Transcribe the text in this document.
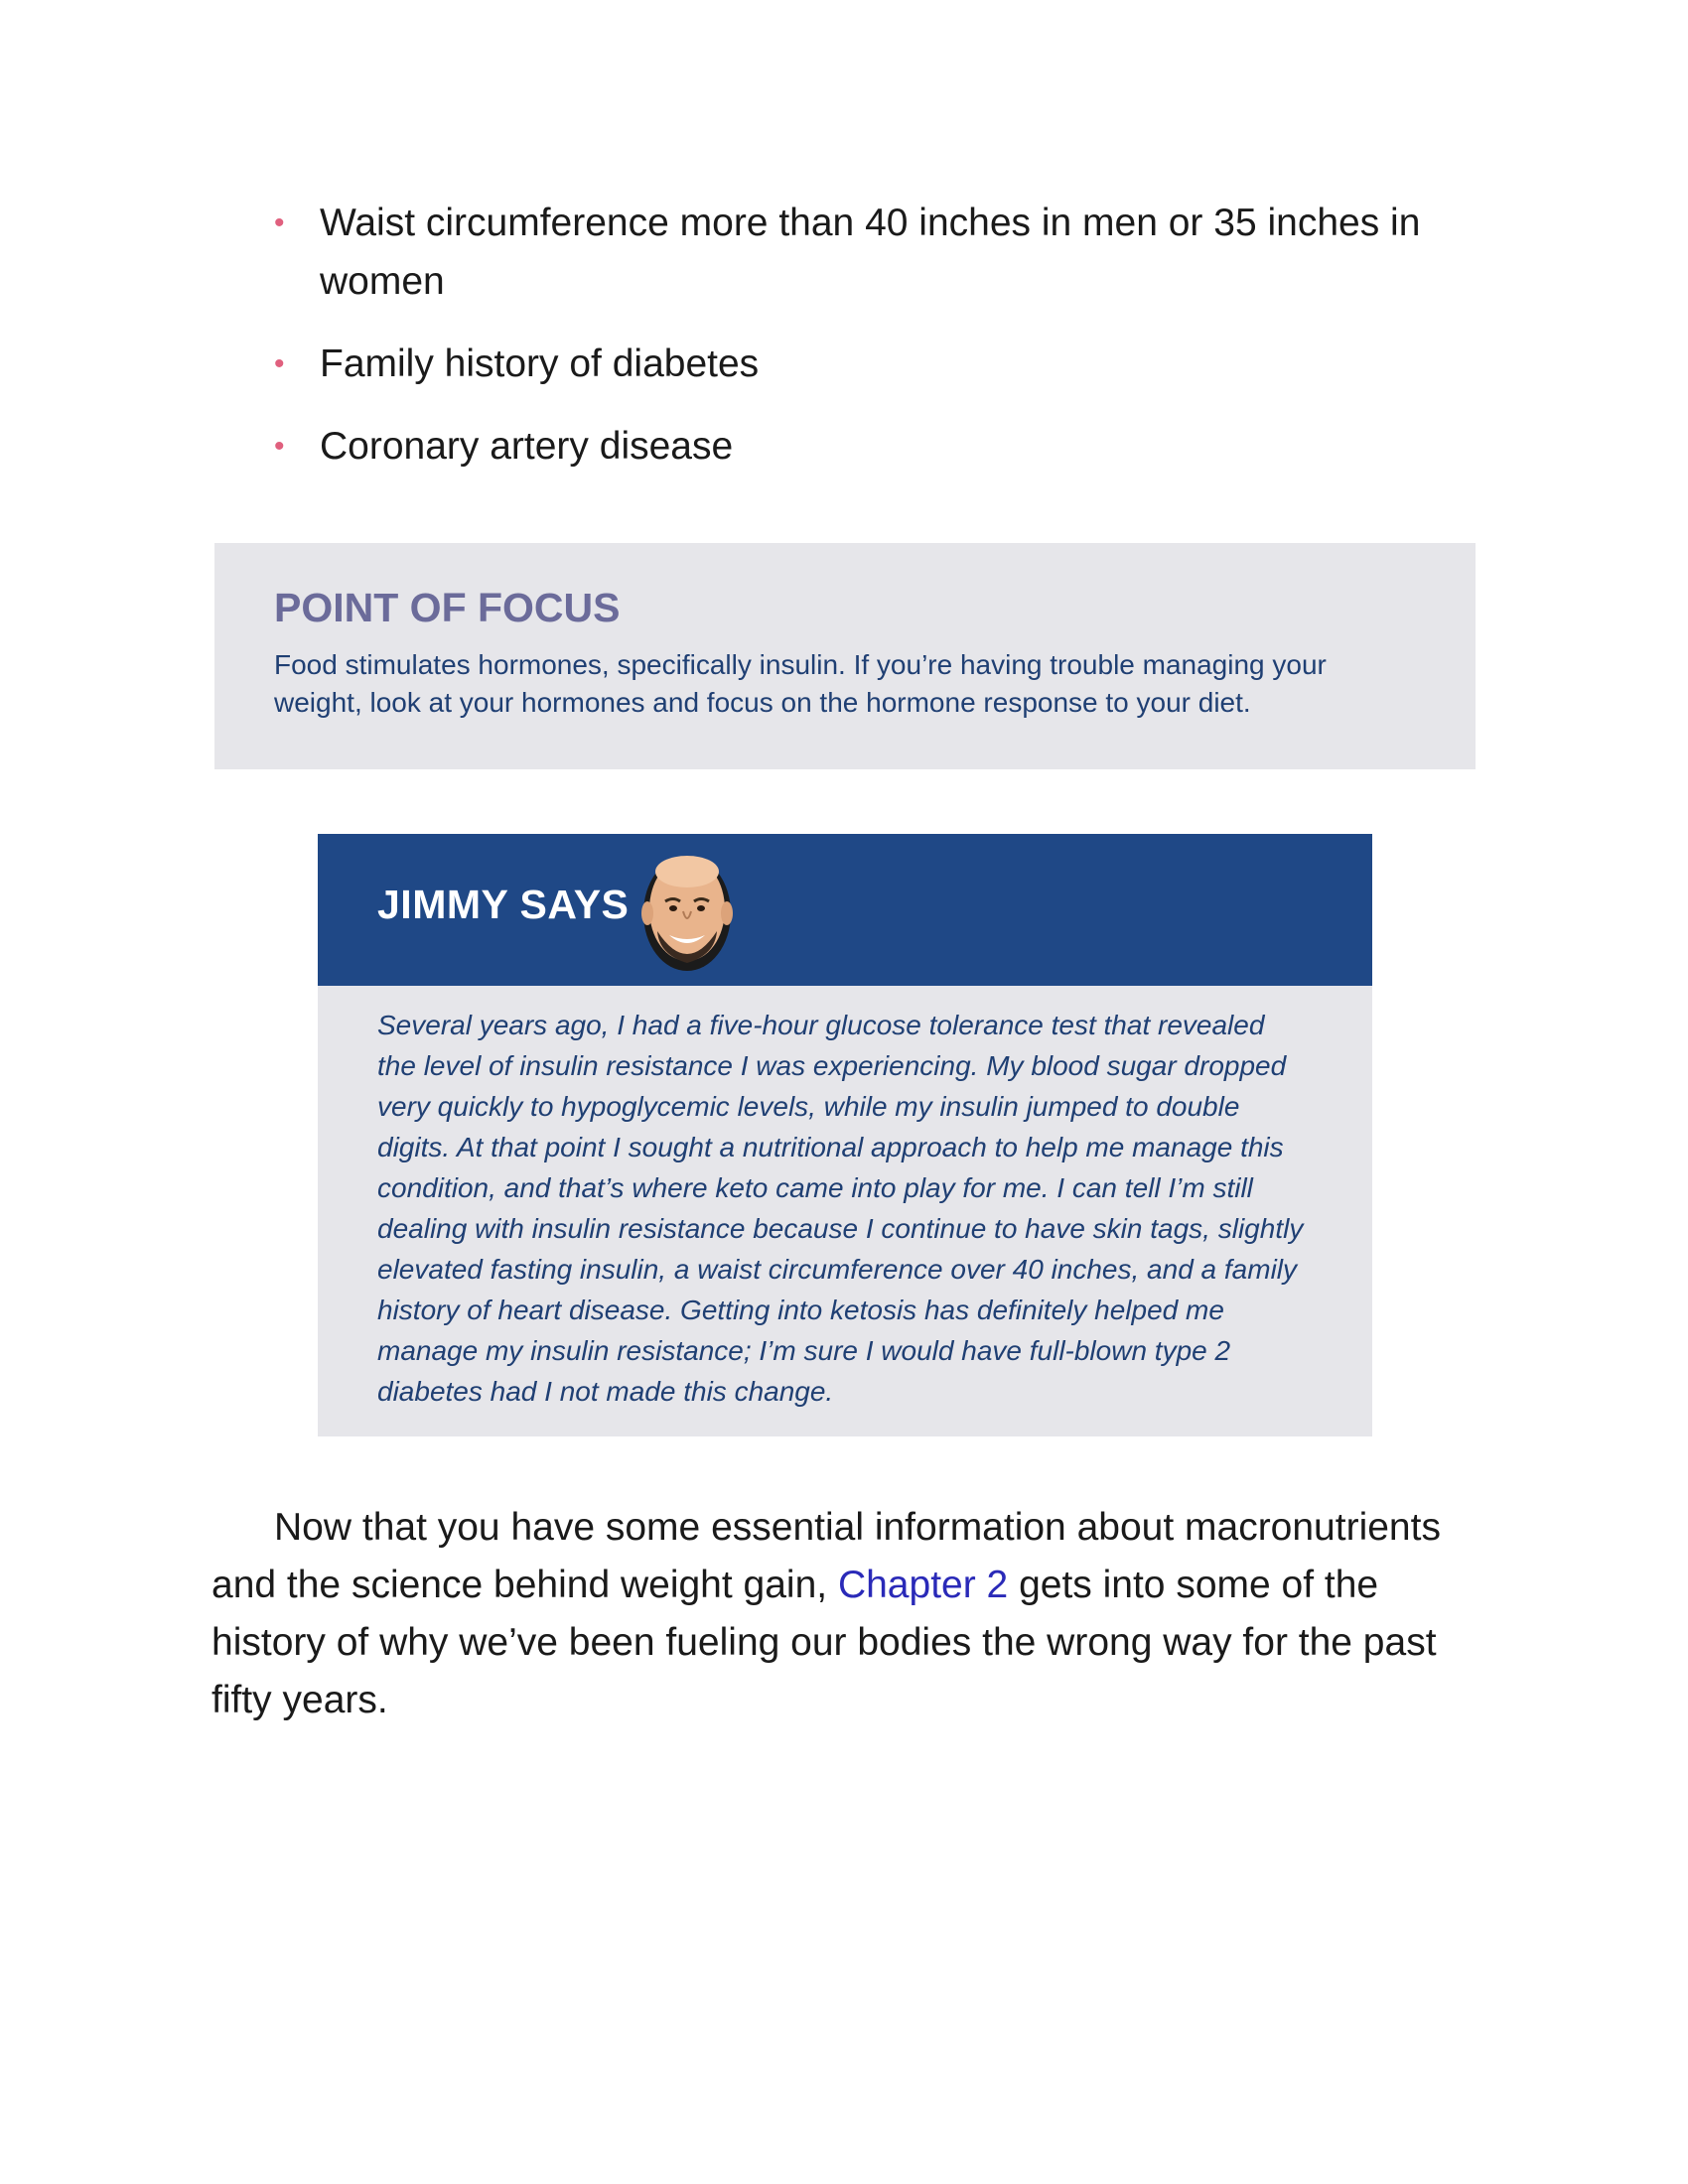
• Waist circumference more than 40 inches in men or 35 inches in women
• Family history of diabetes
• Coronary artery disease
POINT OF FOCUS

Food stimulates hormones, specifically insulin. If you’re having trouble managing your weight, look at your hormones and focus on the hormone response to your diet.

JIMMY SAYS

Several years ago, I had a five-hour glucose tolerance test that revealed the level of insulin resistance I was experiencing. My blood sugar dropped very quickly to hypoglycemic levels, while my insulin jumped to double digits. At that point I sought a nutritional approach to help me manage this condition, and that’s where keto came into play for me. I can tell I’m still dealing with insulin resistance because I continue to have skin tags, slightly elevated fasting insulin, a waist circumference over 40 inches, and a family history of heart disease. Getting into ketosis has definitely helped me manage my insulin resistance; I’m sure I would have full-blown type 2 diabetes had I not made this change.

Now that you have some essential information about macronutrients and the science behind weight gain, Chapter 2 gets into some of the history of why we’ve been fueling our bodies the wrong way for the past fifty years.
